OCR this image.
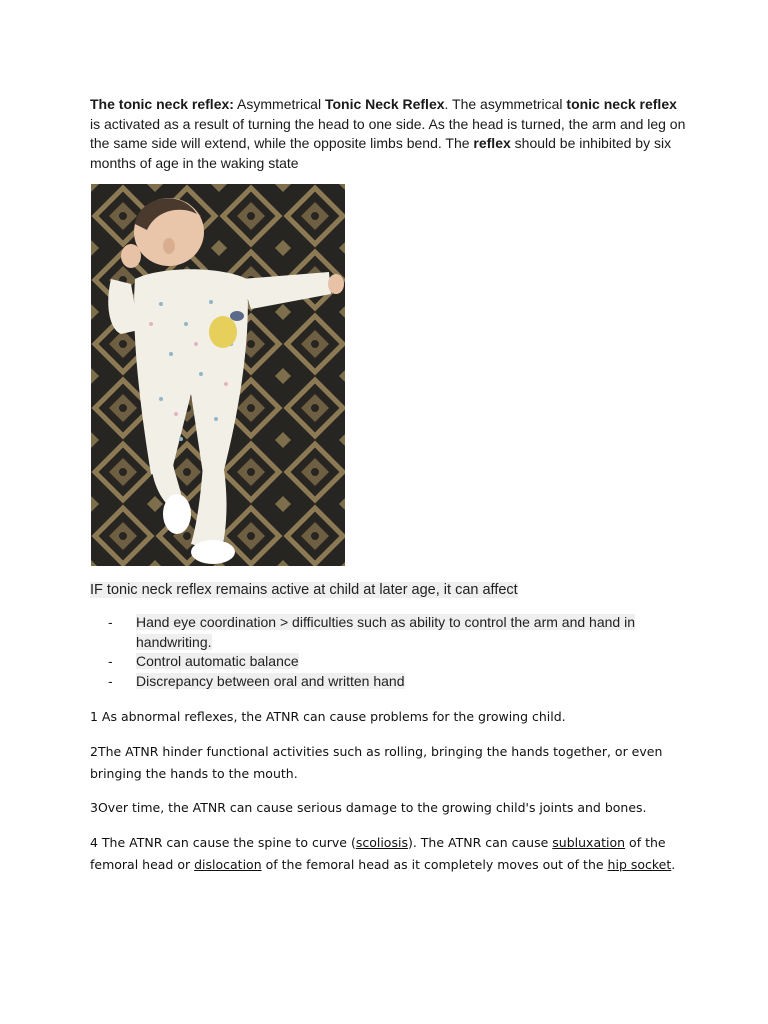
The tonic neck reflex: Asymmetrical Tonic Neck Reflex. The asymmetrical tonic neck reflex is activated as a result of turning the head to one side. As the head is turned, the arm and leg on the same side will extend, while the opposite limbs bend. The reflex should be inhibited by six months of age in the waking state

IF tonic neck reflex remains active at child at later age, it can affect
- Hand eye coordination > difficulties such as ability to control the arm and hand in handwriting.
- Control automatic balance
- Discrepancy between oral and written hand

1 As abnormal reflexes, the ATNR can cause problems for the growing child.

2The ATNR hinder functional activities such as rolling, bringing the hands together, or even bringing the hands to the mouth.

3Over time, the ATNR can cause serious damage to the growing child's joints and bones.

4 The ATNR can cause the spine to curve (scoliosis). The ATNR can cause subluxation of the femoral head or dislocation of the femoral head as it completely moves out of the hip socket.
